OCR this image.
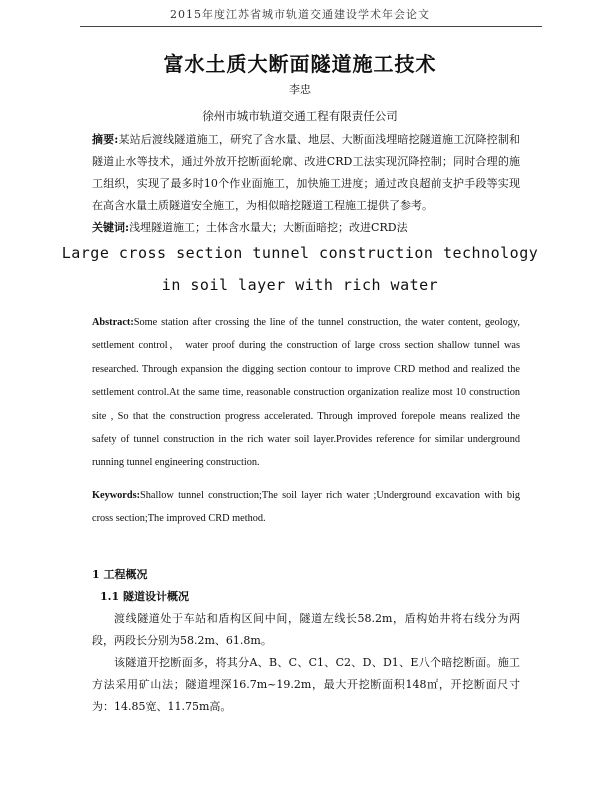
2015年度江苏省城市轨道交通建设学术年会论文
富水土质大断面隧道施工技术
李忠
徐州市城市轨道交通工程有限责任公司
摘要:某站后渡线隧道施工，研究了含水量、地层、大断面浅埋暗挖隧道施工沉降控制和隧道止水等技术，通过外放开挖断面轮廓、改进CRD工法实现沉降控制；同时合理的施工组织，实现了最多时10个作业面施工，加快施工进度；通过改良超前支护手段等实现在高含水量土质隧道安全施工，为相似暗挖隧道工程施工提供了参考。
关键词:浅埋隧道施工；土体含水量大；大断面暗挖；改进CRD法
Large cross section tunnel construction technology
in soil layer with rich water
Abstract:Some station after crossing the line of the tunnel construction, the water content, geology, settlement control， water proof during the construction of large cross section shallow tunnel was researched. Through expansion the digging section contour to improve CRD method and realized the settlement control.At the same time, reasonable construction organization realize most 10 construction site , So that the construction progress accelerated. Through improved forepole means realized the safety of tunnel construction in the rich water soil layer.Provides reference for similar underground running tunnel engineering construction.
Keywords:Shallow tunnel construction;The soil layer rich water ;Underground excavation with big cross section;The improved CRD method.
1 工程概况
1.1 隧道设计概况
渡线隧道处于车站和盾构区间中间，隧道左线长58.2m，盾构始井将右线分为两段，两段长分别为58.2m、61.8m。
该隧道开挖断面多，将其分A、B、C、C1、C2、D、D1、E八个暗挖断面。施工方法采用矿山法；隧道埋深16.7m~19.2m，最大开挖断面积148㎡，开挖断面尺寸为：14.85宽、11.75m高。
